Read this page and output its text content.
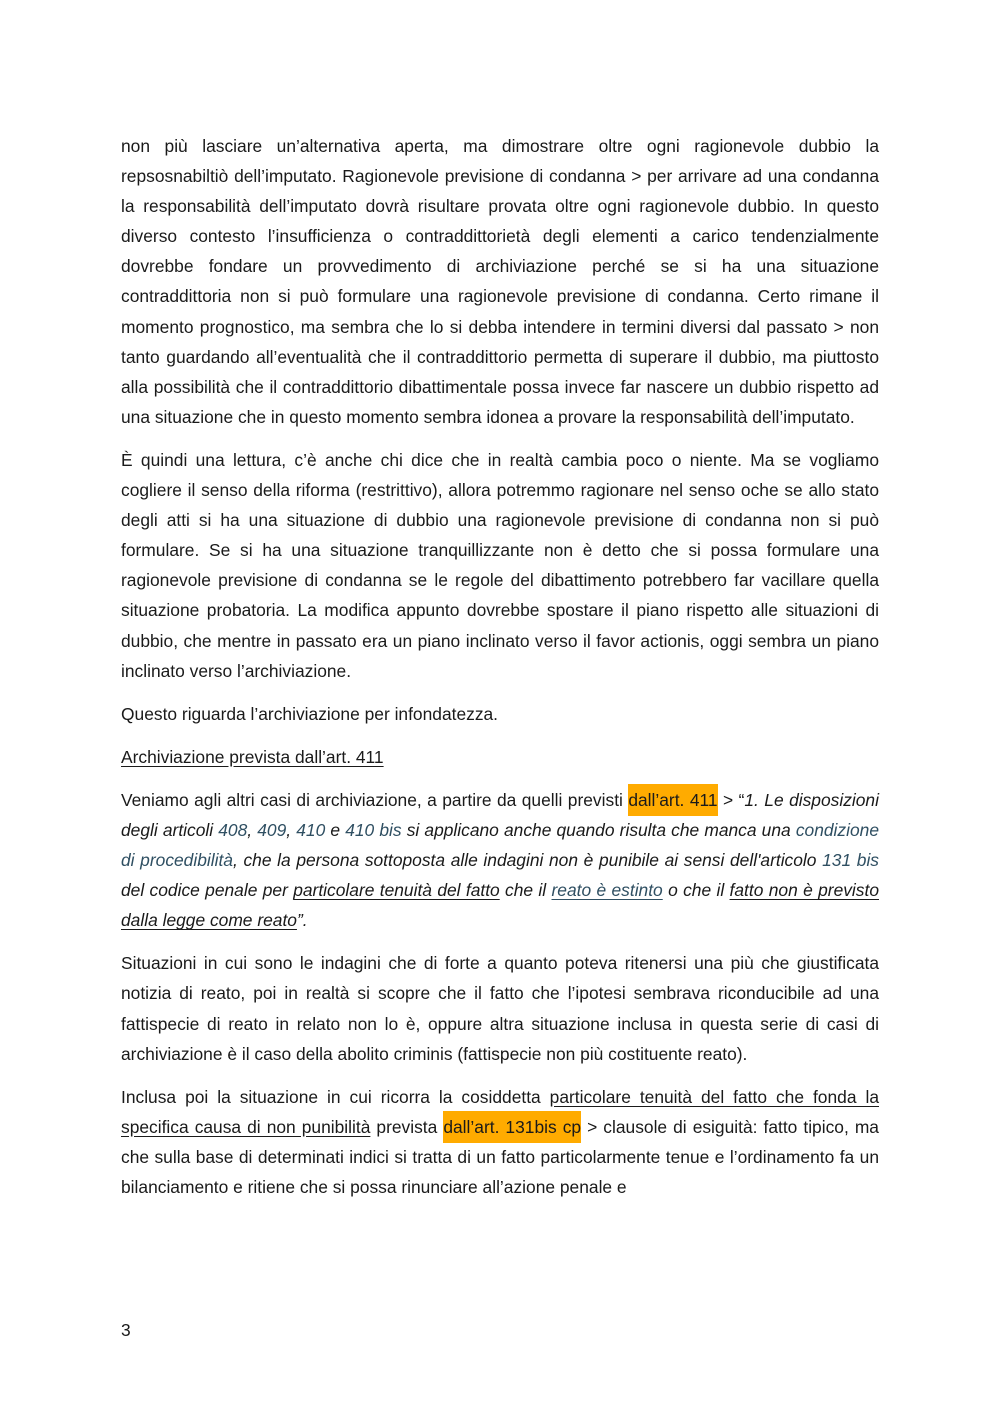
non più lasciare un’alternativa aperta, ma dimostrare oltre ogni ragionevole dubbio la repsosnabiltiò dell’imputato. Ragionevole previsione di condanna > per arrivare ad una condanna la responsabilità dell’imputato dovrà risultare provata oltre ogni ragionevole dubbio. In questo diverso contesto l’insufficienza o contraddittorietà degli elementi a carico tendenzialmente dovrebbe fondare un provvedimento di archiviazione perché se si ha una situazione contraddittoria non si può formulare una ragionevole previsione di condanna. Certo rimane il momento prognostico, ma sembra che lo si debba intendere in termini diversi dal passato > non tanto guardando all’eventualità che il contraddittorio permetta di superare il dubbio, ma piuttosto alla possibilità che il contraddittorio dibattimentale possa invece far nascere un dubbio rispetto ad una situazione che in questo momento sembra idonea a provare la responsabilità dell’imputato.

È quindi una lettura, c’è anche chi dice che in realtà cambia poco o niente. Ma se vogliamo cogliere il senso della riforma (restrittivo), allora potremmo ragionare nel senso oche se allo stato degli atti si ha una situazione di dubbio una ragionevole previsione di condanna non si può formulare. Se si ha una situazione tranquillizzante non è detto che si possa formulare una ragionevole previsione di condanna se le regole del dibattimento potrebbero far vacillare quella situazione probatoria. La modifica appunto dovrebbe spostare il piano rispetto alle situazioni di dubbio, che mentre in passato era un piano inclinato verso il favor actionis, oggi sembra un piano inclinato verso l’archiviazione.

Questo riguarda l’archiviazione per infondatezza.

Archiviazione prevista dall’art. 411

Veniamo agli altri casi di archiviazione, a partire da quelli previsti dall’art. 411 > “1. Le disposizioni degli articoli 408, 409, 410 e 410 bis si applicano anche quando risulta che manca una condizione di procedibilità, che la persona sottoposta alle indagini non è punibile ai sensi dell'articolo 131 bis del codice penale per particolare tenuità del fatto che il reato è estinto o che il fatto non è previsto dalla legge come reato”.

Situazioni in cui sono le indagini che di forte a quanto poteva ritenersi una più che giustificata notizia di reato, poi in realtà si scopre che il fatto che l’ipotesi sembrava riconducibile ad una fattispecie di reato in relato non lo è, oppure altra situazione inclusa in questa serie di casi di archiviazione è il caso della abolito criminis (fattispecie non più costituente reato).

Inclusa poi la situazione in cui ricorra la cosiddetta particolare tenuità del fatto che fonda la specifica causa di non punibilità prevista dall’art. 131bis cp > clausole di esiguità: fatto tipico, ma che sulla base di determinati indici si tratta di un fatto particolarmente tenue e l’ordinamento fa un bilanciamento e ritiene che si possa rinunciare all’azione penale e

3
